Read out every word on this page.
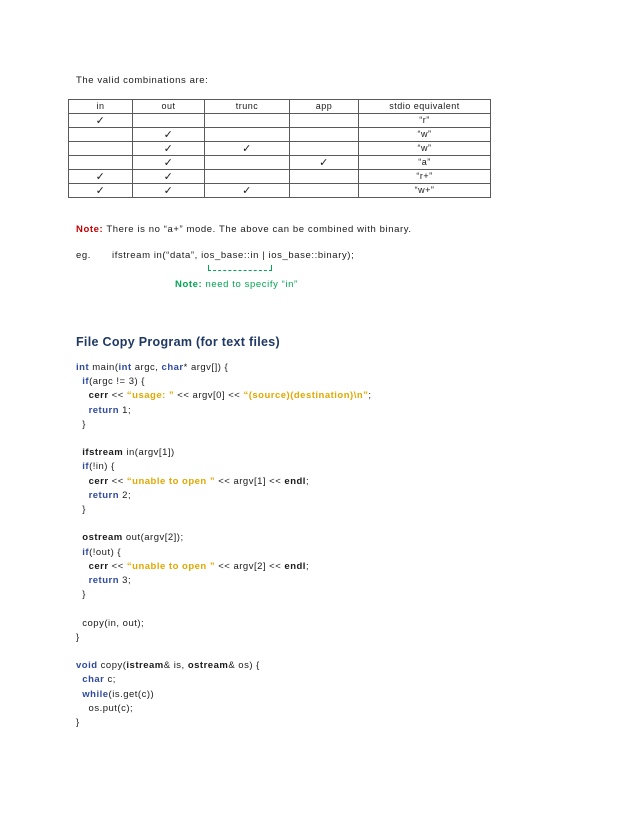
The valid combinations are:
in	out	trunc	app	stdio equivalent
✓				“r”
	✓			“w”
	✓	✓		“w”
	✓		✓	“a”
✓	✓			“r+”
✓	✓	✓		“w+”
Note: There is no “a+” mode. The above can be combined with binary.
eg. ifstream in(“data”, ios_base::in | ios_base::binary);
Note: need to specify “in”
File Copy Program (for text files)
int main(int argc, char* argv[]) {
if(argc != 3) {
cerr << “usage: ” << argv[0] << “(source)(destination)\n”;
return 1;
}
ifstream in(argv[1])
if(!in) {
cerr << “unable to open ” << argv[1] << endl;
return 2;
}
ostream out(argv[2]);
if(!out) {
cerr << “unable to open ” << argv[2] << endl;
return 3;
}
copy(in, out);
}
void copy(istream& is, ostream& os) {
char c;
while(is.get(c))
os.put(c);
}
